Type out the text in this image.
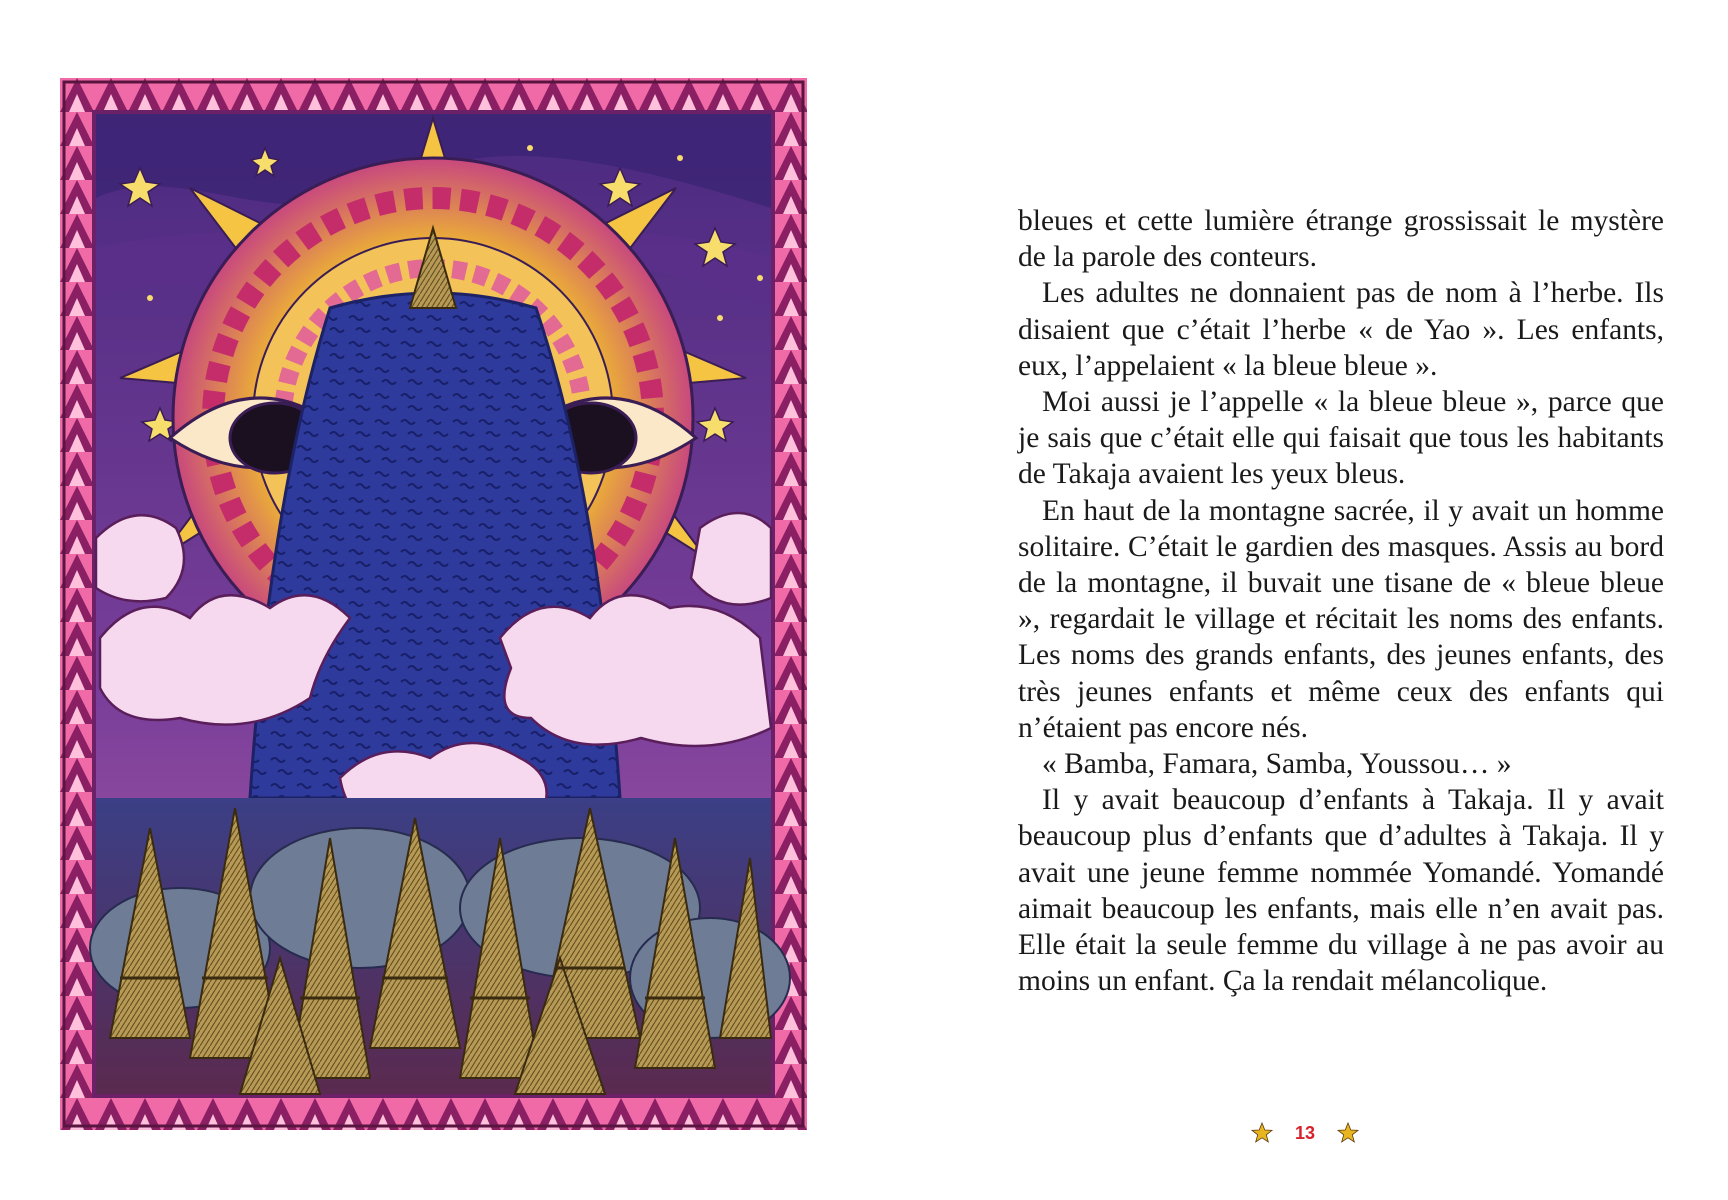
bleues et cette lumière étrange grossissait le mystère de la parole des conteurs.

Les adultes ne donnaient pas de nom à l’herbe. Ils disaient que c’était l’herbe « de Yao ». Les enfants, eux, l’appelaient « la bleue bleue ».

Moi aussi je l’appelle « la bleue bleue », parce que je sais que c’était elle qui faisait que tous les habitants de Takaja avaient les yeux bleus.

En haut de la montagne sacrée, il y avait un homme solitaire. C’était le gardien des masques. Assis au bord de la montagne, il buvait une tisane de « bleue bleue », regardait le village et récitait les noms des enfants. Les noms des grands enfants, des jeunes enfants, des très jeunes enfants et même ceux des enfants qui n’étaient pas encore nés.

« Bamba, Famara, Samba, Youssou… »

Il y avait beaucoup d’enfants à Takaja. Il y avait beaucoup plus d’enfants que d’adultes à Takaja. Il y avait une jeune femme nommée Yomandé. Yomandé aimait beaucoup les enfants, mais elle n’en avait pas. Elle était la seule femme du village à ne pas avoir au moins un enfant. Ça la rendait mélancolique.

13
